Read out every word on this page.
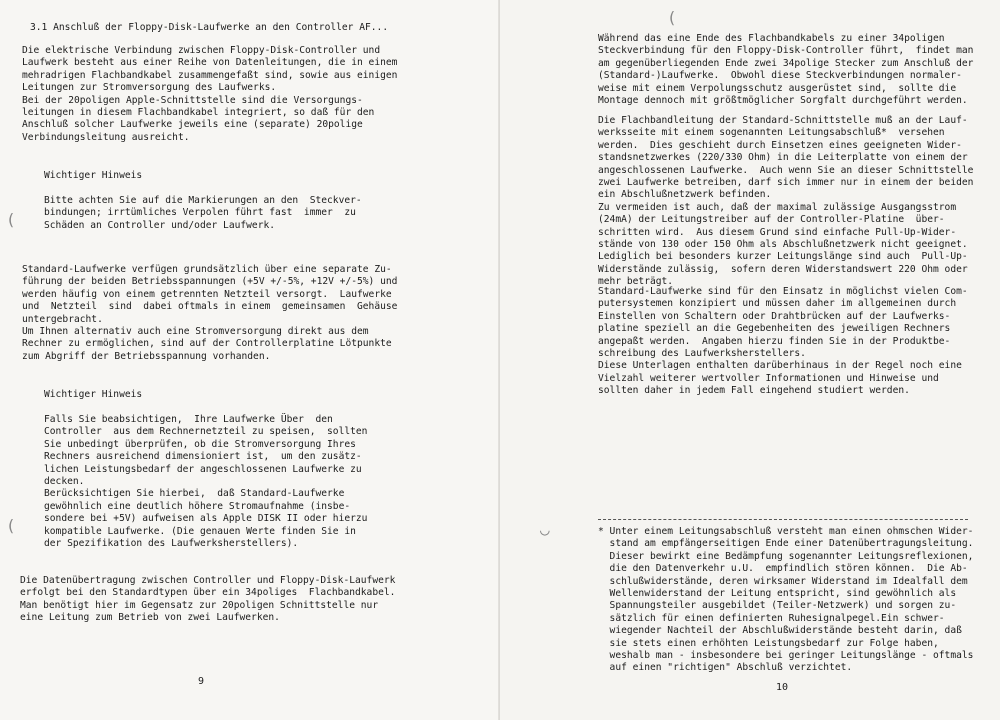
3.1 Anschluß der Floppy-Disk-Laufwerke an den Controller AF...
Die elektrische Verbindung zwischen Floppy-Disk-Controller und
Laufwerk besteht aus einer Reihe von Datenleitungen, die in einem
mehradrigen Flachbandkabel zusammengefaßt sind, sowie aus einigen
Leitungen zur Stromversorgung des Laufwerks.
Bei der 20poligen Apple-Schnittstelle sind die Versorgungs-
leitungen in diesem Flachbandkabel integriert, so daß für den
Anschluß solcher Laufwerke jeweils eine (separate) 20polige
Verbindungsleitung ausreicht.
Wichtiger Hinweis
Bitte achten Sie auf die Markierungen an den  Steckver-
bindungen; irrtümliches Verpolen führt fast  immer  zu
Schäden an Controller und/oder Laufwerk.
Standard-Laufwerke verfügen grundsätzlich über eine separate Zu-
führung der beiden Betriebsspannungen (+5V +/-5%, +12V +/-5%) und
werden häufig von einem getrennten Netzteil versorgt.  Laufwerke
und  Netzteil  sind  dabei oftmals in einem  gemeinsamen  Gehäuse
untergebracht.
Um Ihnen alternativ auch eine Stromversorgung direkt aus dem
Rechner zu ermöglichen, sind auf der Controllerplatine Lötpunkte
zum Abgriff der Betriebsspannung vorhanden.
Wichtiger Hinweis
Falls Sie beabsichtigen,  Ihre Laufwerke Über  den
Controller  aus dem Rechnernetzteil zu speisen,  sollten
Sie unbedingt überprüfen, ob die Stromversorgung Ihres
Rechners ausreichend dimensioniert ist,  um den zusätz-
lichen Leistungsbedarf der angeschlossenen Laufwerke zu
decken.
Berücksichtigen Sie hierbei,  daß Standard-Laufwerke
gewöhnlich eine deutlich höhere Stromaufnahme (insbe-
sondere bei +5V) aufweisen als Apple DISK II oder hierzu
kompatible Laufwerke. (Die genauen Werte finden Sie in
der Spezifikation des Laufwerksherstellers).
Die Datenübertragung zwischen Controller und Floppy-Disk-Laufwerk
erfolgt bei den Standardtypen über ein 34poliges  Flachbandkabel.
Man benötigt hier im Gegensatz zur 20poligen Schnittstelle nur
eine Leitung zum Betrieb von zwei Laufwerken.
9
(
(
Während das eine Ende des Flachbandkabels zu einer 34poligen
Steckverbindung für den Floppy-Disk-Controller führt,  findet man
am gegenüberliegenden Ende zwei 34polige Stecker zum Anschluß der
(Standard-)Laufwerke.  Obwohl diese Steckverbindungen normaler-
weise mit einem Verpolungsschutz ausgerüstet sind,  sollte die
Montage dennoch mit größtmöglicher Sorgfalt durchgeführt werden.
Die Flachbandleitung der Standard-Schnittstelle muß an der Lauf-
werksseite mit einem sogenannten Leitungsabschluß*  versehen
werden.  Dies geschieht durch Einsetzen eines geeigneten Wider-
standsnetzwerkes (220/330 Ohm) in die Leiterplatte von einem der
angeschlossenen Laufwerke.  Auch wenn Sie an dieser Schnittstelle
zwei Laufwerke betreiben, darf sich immer nur in einem der beiden
ein Abschlußnetzwerk befinden.
Zu vermeiden ist auch, daß der maximal zulässige Ausgangsstrom
(24mA) der Leitungstreiber auf der Controller-Platine  über-
schritten wird.  Aus diesem Grund sind einfache Pull-Up-Wider-
stände von 130 oder 150 Ohm als Abschlußnetzwerk nicht geeignet.
Lediglich bei besonders kurzer Leitungslänge sind auch  Pull-Up-
Widerstände zulässig,  sofern deren Widerstandswert 220 Ohm oder
mehr beträgt.
Standard-Laufwerke sind für den Einsatz in möglichst vielen Com-
putersystemen konzipiert und müssen daher im allgemeinen durch
Einstellen von Schaltern oder Drahtbrücken auf der Laufwerks-
platine speziell an die Gegebenheiten des jeweiligen Rechners
angepaßt werden.  Angaben hierzu finden Sie in der Produktbe-
schreibung des Laufwerksherstellers.
Diese Unterlagen enthalten darüberhinaus in der Regel noch eine
Vielzahl weiterer wertvoller Informationen und Hinweise und
sollten daher in jedem Fall eingehend studiert werden.
* Unter einem Leitungsabschluß versteht man einen ohmschen Wider-
stand am empfängerseitigen Ende einer Datenübertragungsleitung.
Dieser bewirkt eine Bedämpfung sogenannter Leitungsreflexionen,
die den Datenverkehr u.U.  empfindlich stören können.  Die Ab-
schlußwiderstände, deren wirksamer Widerstand im Idealfall dem
Wellenwiderstand der Leitung entspricht, sind gewöhnlich als
Spannungsteiler ausgebildet (Teiler-Netzwerk) und sorgen zu-
sätzlich für einen definierten Ruhesignalpegel.Ein schwer-
wiegender Nachteil der Abschlußwiderstände besteht darin, daß
sie stets einen erhöhten Leistungsbedarf zur Folge haben,
weshalb man - insbesondere bei geringer Leitungslänge - oftmals
auf einen "richtigen" Abschluß verzichtet.
10
(
◡
